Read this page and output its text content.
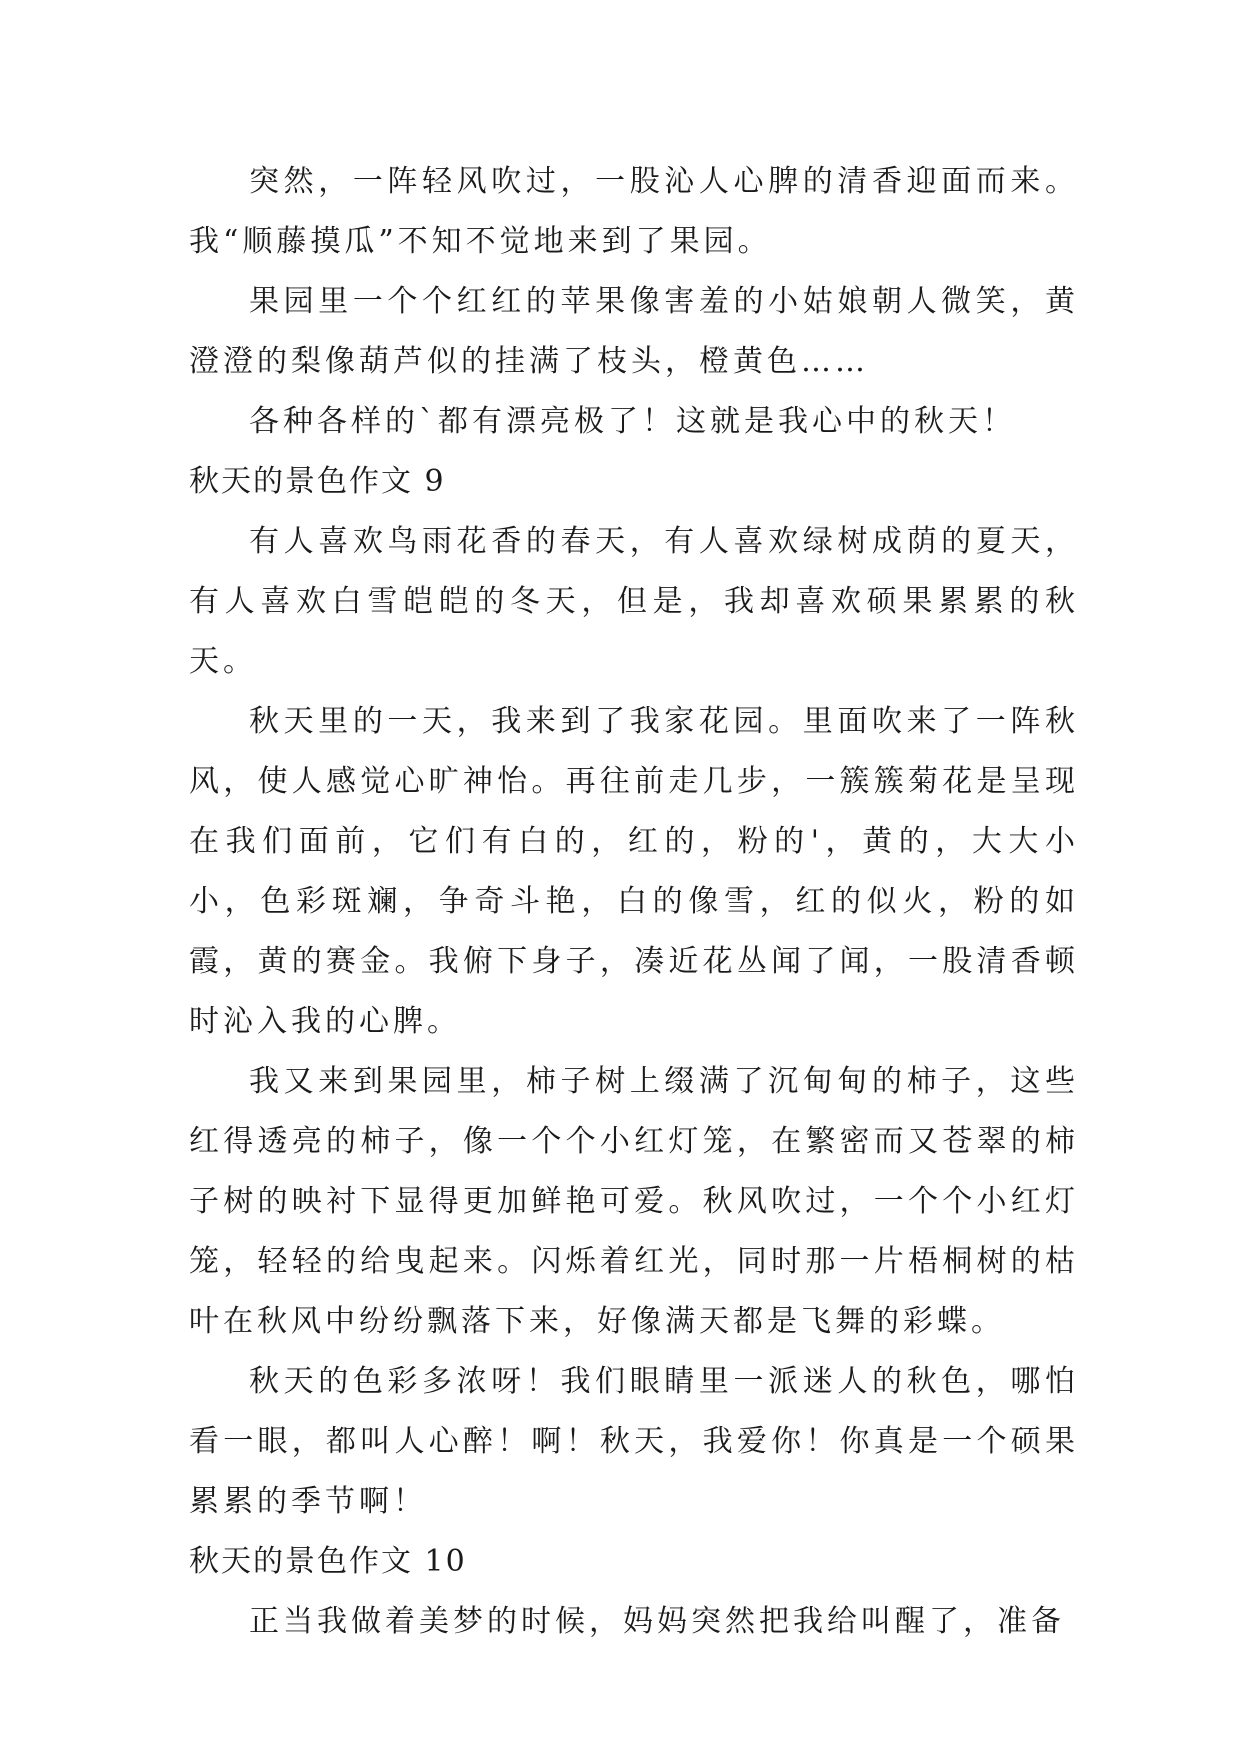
突然，一阵轻风吹过，一股沁人心脾的清香迎面而来。我“顺藤摸瓜”不知不觉地来到了果园。

果园里一个个红红的苹果像害羞的小姑娘朝人微笑，黄澄澄的梨像葫芦似的挂满了枝头，橙黄色……

各种各样的`都有漂亮极了！这就是我心中的秋天！

秋天的景色作文 9

有人喜欢鸟雨花香的春天，有人喜欢绿树成荫的夏天，有人喜欢白雪皑皑的冬天，但是，我却喜欢硕果累累的秋天。

秋天里的一天，我来到了我家花园。里面吹来了一阵秋风，使人感觉心旷神怡。再往前走几步，一簇簇菊花是呈现在我们面前，它们有白的，红的，粉的'，黄的，大大小小，色彩斑斓，争奇斗艳，白的像雪，红的似火，粉的如霞，黄的赛金。我俯下身子，凑近花丛闻了闻，一股清香顿时沁入我的心脾。

我又来到果园里，柿子树上缀满了沉甸甸的柿子，这些红得透亮的柿子，像一个个小红灯笼，在繁密而又苍翠的柿子树的映衬下显得更加鲜艳可爱。秋风吹过，一个个小红灯笼，轻轻的给曳起来。闪烁着红光，同时那一片梧桐树的枯叶在秋风中纷纷飘落下来，好像满天都是飞舞的彩蝶。

秋天的色彩多浓呀！我们眼睛里一派迷人的秋色，哪怕看一眼，都叫人心醉！啊！秋天，我爱你！你真是一个硕果累累的季节啊！

秋天的景色作文 10

正当我做着美梦的时候，妈妈突然把我给叫醒了，准备
